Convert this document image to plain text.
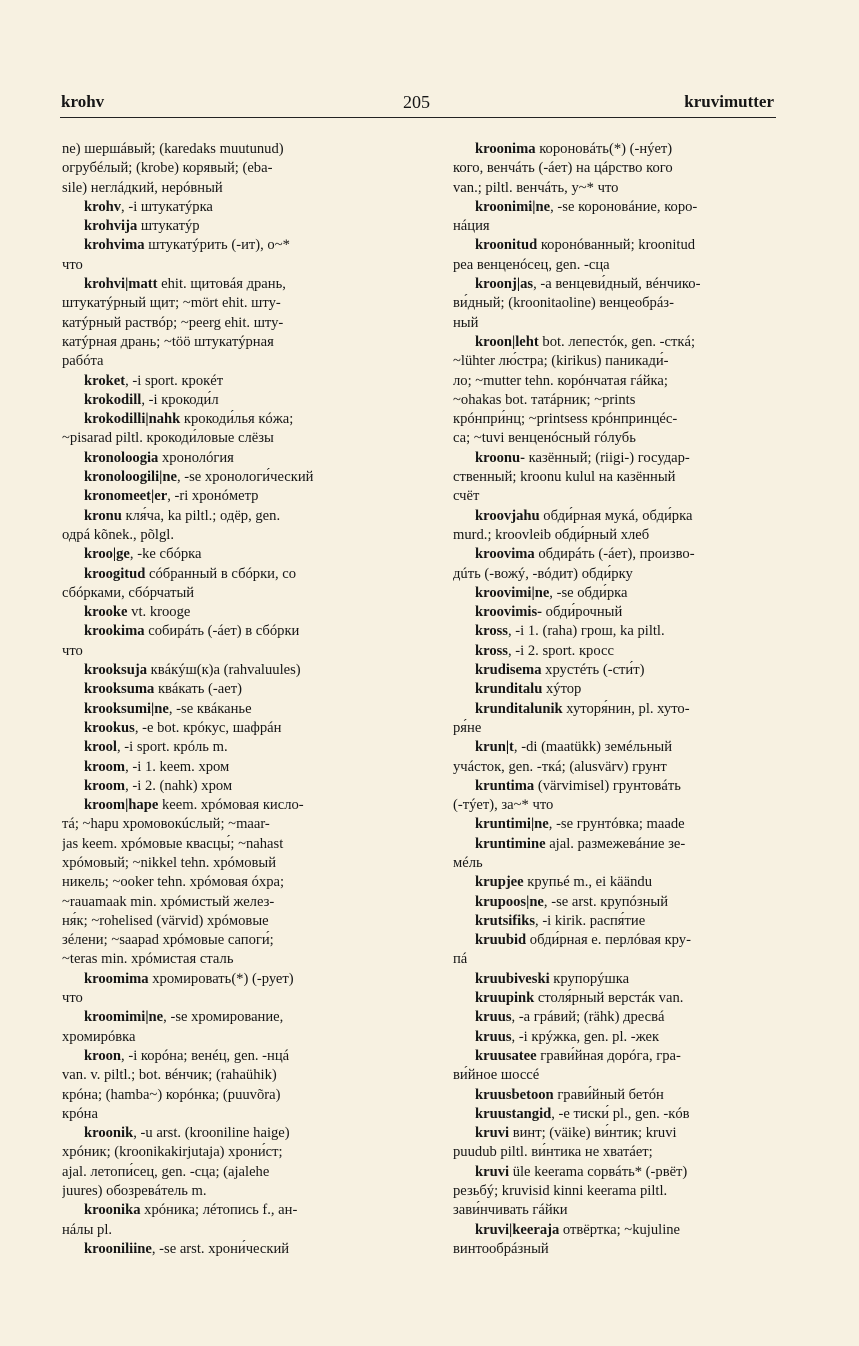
krohv	205	kruvimutter
ne) шершáвый; (karedaks muutunud)
огрубéлый; (krobe) корявый; (eba-
sile) неглáдкий, нерóвный
krohv, -i штукатýрка
krohvija штукатýр
krohvima штукатýрить (-ит), о~*
что
krohvi|matt ehit. щитовáя дрань,
штукатýрный щит; ~mört ehit. шту-
катýрный раствóр; ~peerg ehit. шту-
катýрная дрань; ~töö штукатýрная
рабóта
kroket, -i sport. крокéт
krokodill, -i крокоди́л
krokodilli|nahk крокоди́лья кóжа;
~pisarad piltl. крокоди́ловые слёзы
kronoloogia хронолóгия
kronoloogili|ne, -se хронологи́ческий
kronomeet|er, -ri хронóметр
kronu кля́ча, ka piltl.; одёр, gen.
одрá kõnek., põlgl.
kroo|ge, -ke сбóрка
kroogitud сóбранный в сбóрки, со
сбóрками, сбóрчатый
krooke vt. krooge
krookima собирáть (-áет) в сбóрки
что
krooksuja квáкýш(к)а (rahvaluules)
krooksuma квáкать (-ает)
krooksumi|ne, -se квáканье
krookus, -e bot. крóкус, шафрáн
krool, -i sport. крóль m.
kroom, -i 1. keem. хром
kroom, -i 2. (nahk) хром
kroom|hape keem. хрóмовая кисло-
тá; ~hapu хромовокúслый; ~maar-
jas keem. хрóмовые квасцы́; ~nahast
хрóмовый; ~nikkel tehn. хрóмовый
никель; ~ooker tehn. хрóмовая óхра;
~rauamaak min. хрóмистый желез-
ня́к; ~rohelised (värvid) хрóмовые
зéлени; ~saapad хрóмовые сапоги́;
~teras min. хрóмистая сталь
kroomima хромировать(*) (-рует)
что
kroomimi|ne, -se хромирование,
хромирóвка
kroon, -i корóна; венéц, gen. -нцá
van. v. piltl.; bot. вéнчик; (rahaühik)
крóна; (hamba~) корóнка; (puuvõra)
крóна
kroonik, -u arst. (krooniline haige)
хрóник; (kroonikakirjutaja) хрони́ст;
ajal. летопи́сец, gen. -сца; (ajalehe
juures) обозревáтель m.
kroonika хрóника; лéтопись f., ан-
нáлы pl.
krooniliine, -se arst. хрони́ческий
kroonima короновáть(*) (-нýет)
кого, венчáть (-áет) на цáрство кого
van.; piltl. венчáть, у~* что
kroonimi|ne, -se короновáние, коро-
нáция
kroonitud коронóванный; kroonitud
pea венценóсец, gen. -сца
kroonj|as, -a венцеви́дный, вéнчико-
ви́дный; (kroonitaoline) венцеобрáз-
ный
kroon|leht bot. лепестóк, gen. -сткá;
~lühter лю́стра; (kirikus) паникади́-
ло; ~mutter tehn. корóнчатая гáйка;
~ohakas bot. татáрник; ~prints
крóнпри́нц; ~printsess крóнпринцéс-
са; ~tuvi венценóсный гóлубь
kroonu- казённый; (riigi-) государ-
ственный; kroonu kulul на казённый
счёт
kroovjahu обди́рная мукá, обди́рка
murd.; kroovleib обди́рный хлеб
kroovima обдирáть (-áет), произво-
дúть (-вожý, -вóдит) обди́рку
kroovimi|ne, -se обди́рка
kroovimis- обди́рочный
kross, -i 1. (raha) грош, ka piltl.
kross, -i 2. sport. кросс
krudisema хрустéть (-сти́т)
krunditalu хýтор
krunditalunik хуторя́нин, pl. хуто-
ря́не
krun|t, -di (maatükk) земéльный
учáсток, gen. -ткá; (alusvärv) грунт
kruntima (värvimisel) грунтовáть
(-тýет), за~* что
kruntimi|ne, -se грунтóвка; maade
kruntimine ajal. размежевáние зе-
мéль
krupjee крупьé m., ei käändu
krupoos|ne, -se arst. крупóзный
krutsifiks, -i kirik. распя́тие
kruubid обди́рная е. перлóвая кру-
пá
kruubiveski крупорýшка
kruupink столя́рный верстáк van.
kruus, -a грáвий; (rähk) дресвá
kruus, -i крýжка, gen. pl. -жек
kruusatee грави́йная дорóга, гра-
ви́йное шоссé
kruusbetoon грави́йный бетóн
kruustangid, -e тиски́ pl., gen. -кóв
kruvi винт; (väike) ви́нтик; kruvi
puudub piltl. ви́нтика не хватáет;
kruvi üle keerama сорвáть* (-рвёт)
резьбý; kruvisid kinni keerama piltl.
зави́нчивать гáйки
kruvi|keeraja отвёртка; ~kujuline
винтообрáзный
